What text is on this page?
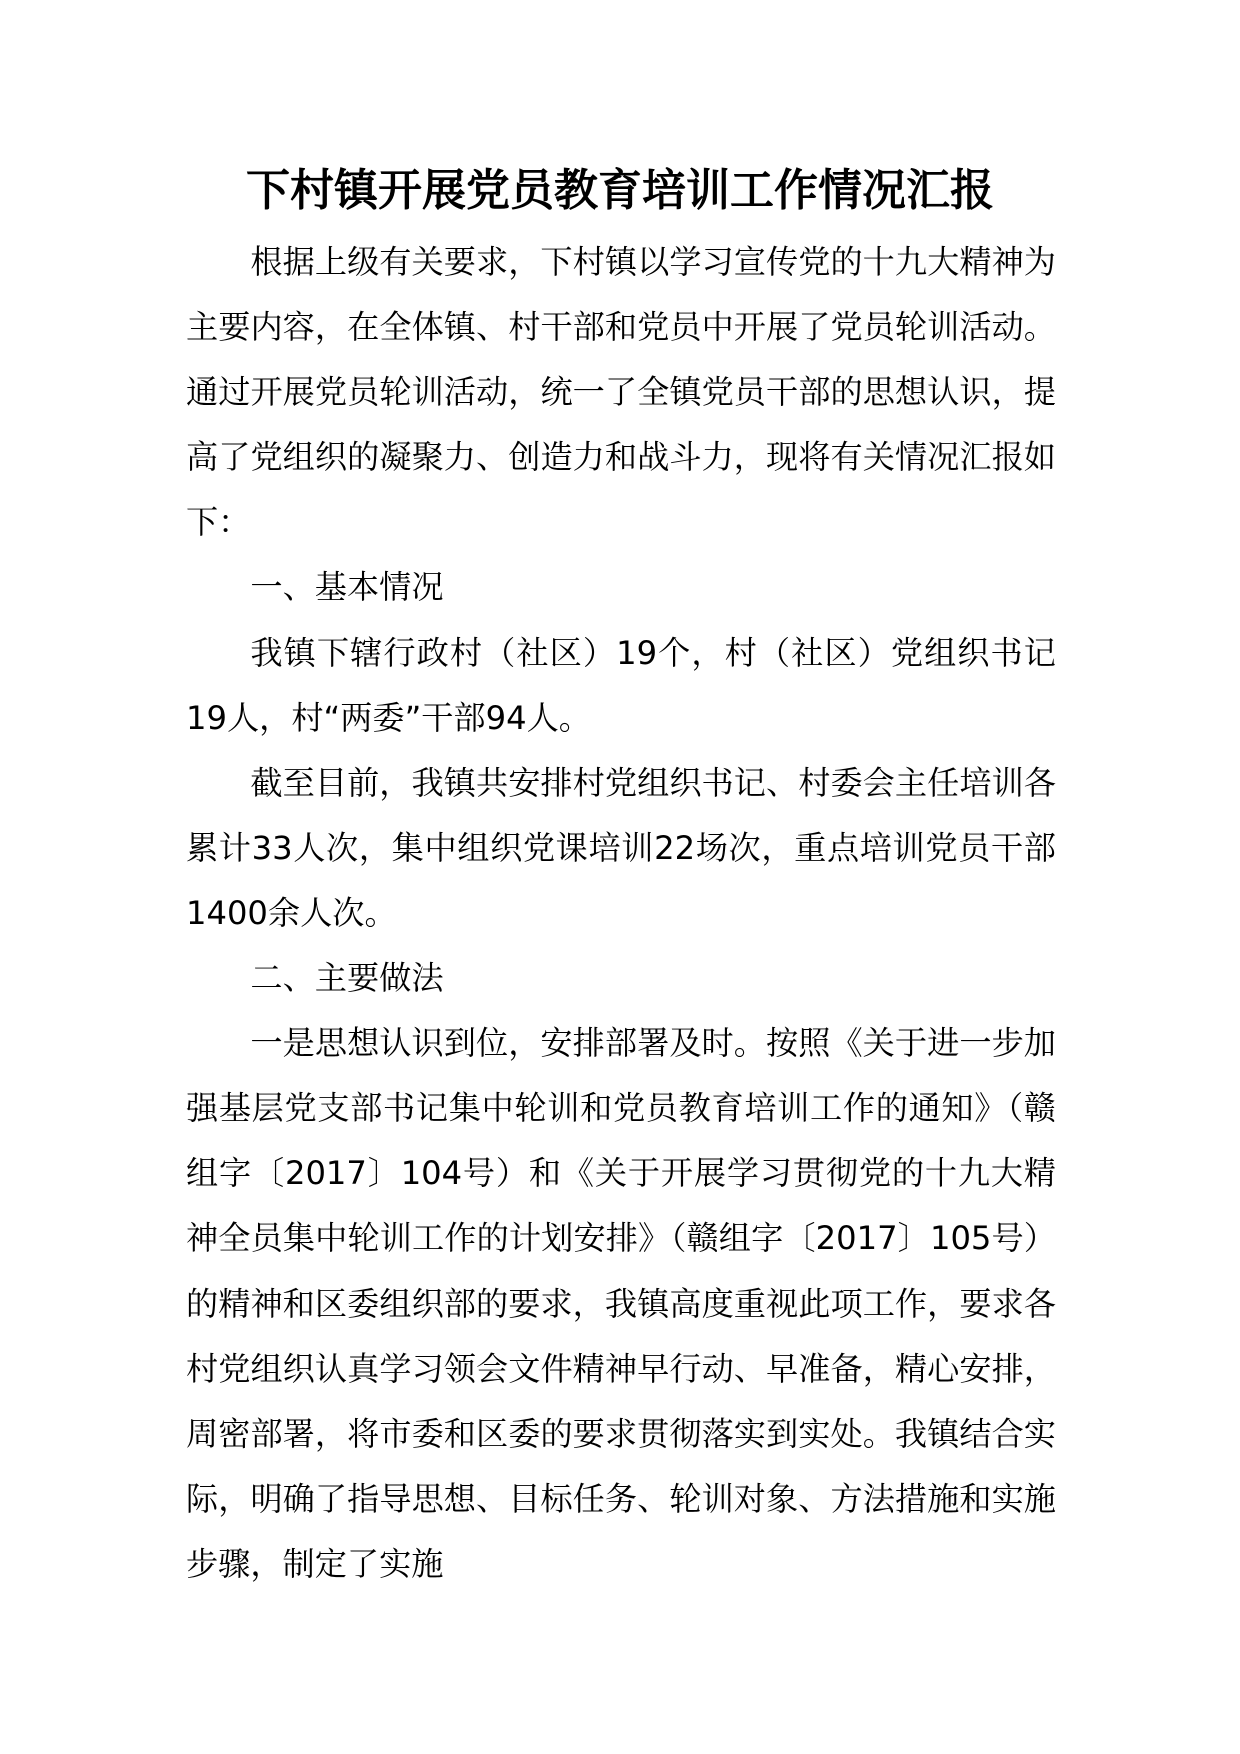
下村镇开展党员教育培训工作情况汇报

根据上级有关要求，下村镇以学习宣传党的十九大精神为主要内容，在全体镇、村干部和党员中开展了党员轮训活动。通过开展党员轮训活动，统一了全镇党员干部的思想认识，提高了党组织的凝聚力、创造力和战斗力，现将有关情况汇报如下：

一、基本情况

我镇下辖行政村（社区）19个，村（社区）党组织书记19人，村“两委”干部94人。

截至目前，我镇共安排村党组织书记、村委会主任培训各累计33人次，集中组织党课培训22场次，重点培训党员干部1400余人次。

二、主要做法

一是思想认识到位，安排部署及时。按照《关于进一步加强基层党支部书记集中轮训和党员教育培训工作的通知》（赣组字〔2017〕104号）和《关于开展学习贯彻党的十九大精神全员集中轮训工作的计划安排》（赣组字〔2017〕105号）的精神和区委组织部的要求，我镇高度重视此项工作，要求各村党组织认真学习领会文件精神早行动、早准备，精心安排，周密部署，将市委和区委的要求贯彻落实到实处。我镇结合实际，明确了指导思想、目标任务、轮训对象、方法措施和实施步骤，制定了实施
